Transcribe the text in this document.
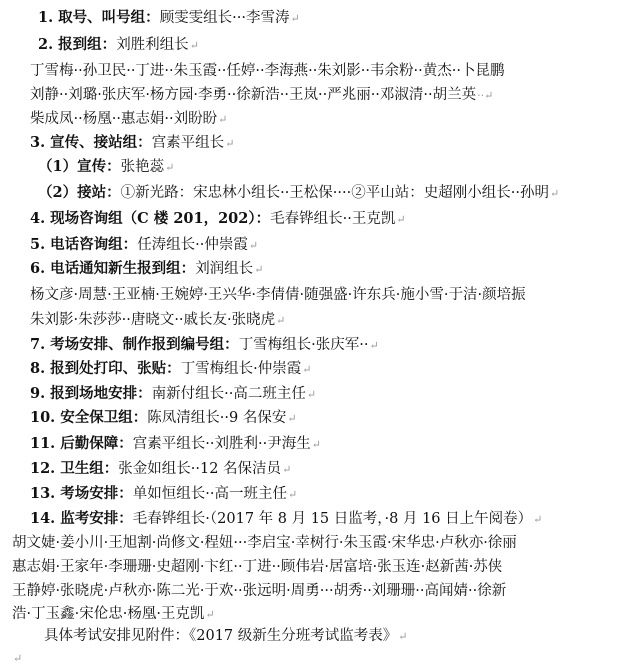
1. 取号、叫号组：顾雯雯组长···李雪涛↵
2. 报到组：刘胜利组长↵
丁雪梅··孙卫民··丁进··朱玉霞··任婷··李海燕··朱刘影··韦余粉··黄杰··卜昆鹏
刘静··刘璐·张庆军·杨方园·李勇··徐新浩··王岚··严兆丽··邓淑清··胡兰英··↵
柴成凤··杨凰··惠志娟··刘盼盼↵
3. 宣传、接站组：宫素平组长↵
（1）宣传：张艳蕊↵
（2）接站：①新光路：宋忠林小组长··王松保····②平山站：史超刚小组长··孙明↵
4. 现场咨询组（C 楼 201，202）：毛春铧组长··王克凯↵
5. 电话咨询组：任涛组长··仲崇霞↵
6. 电话通知新生报到组：刘润组长↵
杨文彦·周慧·王亚楠·王婉婷·王兴华·李倩倩·随强盛·许东兵·施小雪·于洁·颜培振
朱刘影·朱莎莎··唐晓文··戚长友·张晓虎↵
7. 考场安排、制作报到编号组：丁雪梅组长·张庆军··↵
8. 报到处打印、张贴：丁雪梅组长·仲崇霞↵
9. 报到场地安排：南新付组长··高二班主任↵
10. 安全保卫组：陈凤清组长··9 名保安↵
11. 后勤保障：宫素平组长··刘胜利··尹海生↵
12. 卫生组：张金如组长··12 名保洁员↵
13. 考场安排：单如恒组长··高一班主任↵
14. 监考安排：毛春铧组长·（2017 年 8 月 15 日监考，·8 月 16 日上午阅卷）↵
胡文婕·姜小川·王旭割·尚修文·程妞···李启宝·幸树行·朱玉霞·宋华忠·卢秋亦·徐丽
惠志娟·王家年·李珊珊·史超刚·卞红··丁进··顾伟岩·居富培·张玉连·赵新茜·苏侠
王静婷·张晓虎·卢秋亦·陈二光·于欢··张远明·周勇···胡秀··刘珊珊··高闻婧··徐新
浩·丁玉鑫·宋伦忠·杨凰·王克凯↵
具体考试安排见附件：《2017 级新生分班考试监考表》↵
↵
